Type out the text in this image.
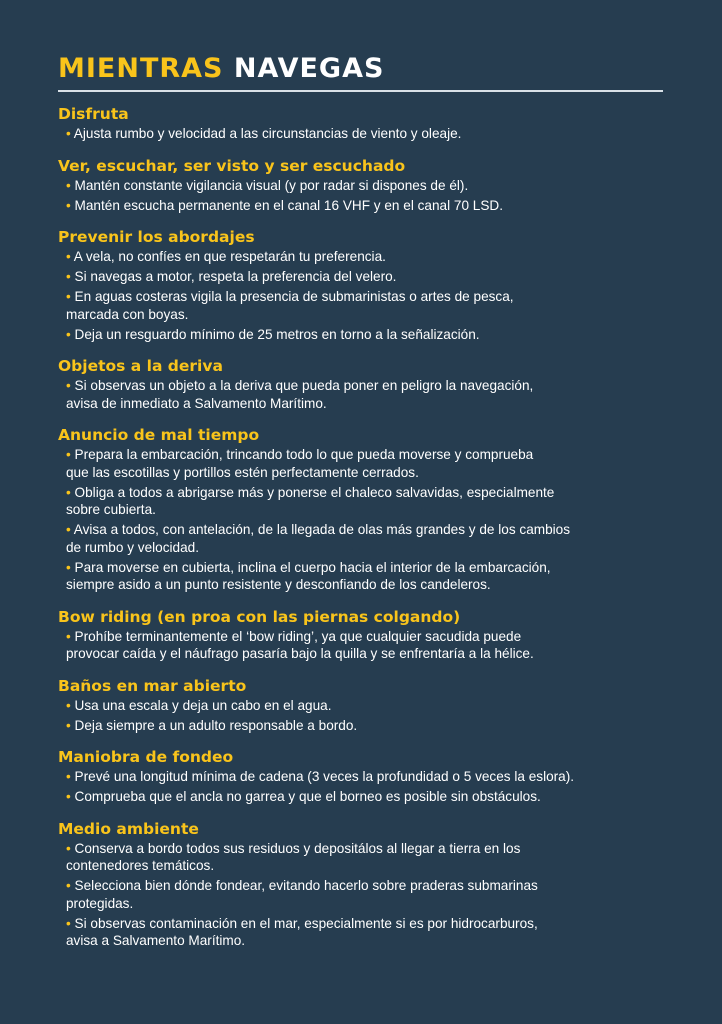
MIENTRAS NAVEGAS
Disfruta
• Ajusta rumbo y velocidad a las circunstancias de viento y oleaje.
Ver, escuchar, ser visto y ser escuchado
• Mantén constante vigilancia visual (y por radar si dispones de él).
• Mantén escucha permanente en el canal 16 VHF y en el canal 70 LSD.
Prevenir los abordajes
• A vela, no confíes en que respetarán tu preferencia.
• Si navegas a motor, respeta la preferencia del velero.
• En aguas costeras vigila la presencia de submarinistas o artes de pesca,
marcada con boyas.
• Deja un resguardo mínimo de 25 metros en torno a la señalización.
Objetos a la deriva
• Si observas un objeto a la deriva que pueda poner en peligro la navegación,
avisa de inmediato a Salvamento Marítimo.
Anuncio de mal tiempo
• Prepara la embarcación, trincando todo lo que pueda moverse y comprueba
que las escotillas y portillos estén perfectamente cerrados.
• Obliga a todos a abrigarse más y ponerse el chaleco salvavidas, especialmente
sobre cubierta.
• Avisa a todos, con antelación, de la llegada de olas más grandes y de los cambios
de rumbo y velocidad.
• Para moverse en cubierta, inclina el cuerpo hacia el interior de la embarcación,
siempre asido a un punto resistente y desconfiando de los candeleros.
Bow riding (en proa con las piernas colgando)
• Prohíbe terminantemente el ‘bow riding’, ya que cualquier sacudida puede
provocar caída y el náufrago pasaría bajo la quilla y se enfrentaría a la hélice.
Baños en mar abierto
• Usa una escala y deja un cabo en el agua.
• Deja siempre a un adulto responsable a bordo.
Maniobra de fondeo
• Prevé una longitud mínima de cadena (3 veces la profundidad o 5 veces la eslora).
• Comprueba que el ancla no garrea y que el borneo es posible sin obstáculos.
Medio ambiente
• Conserva a bordo todos sus residuos y depositálos al llegar a tierra en los
contenedores temáticos.
• Selecciona bien dónde fondear, evitando hacerlo sobre praderas submarinas
protegidas.
• Si observas contaminación en el mar, especialmente si es por hidrocarburos,
avisa a Salvamento Marítimo.
